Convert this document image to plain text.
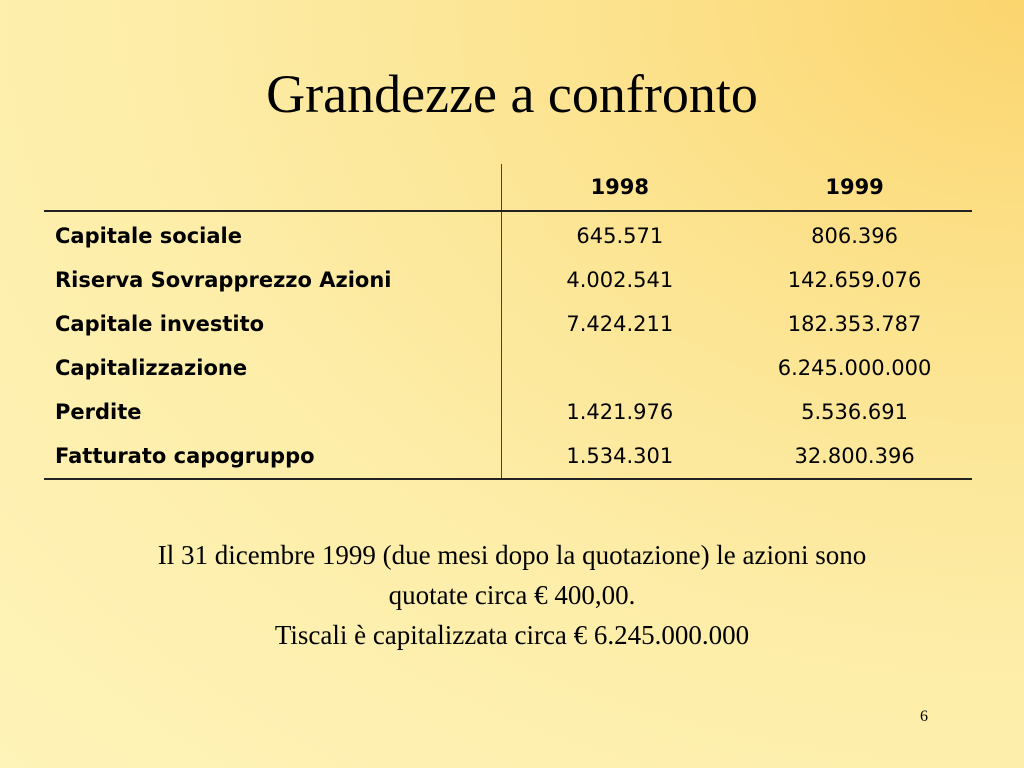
Grandezze a confronto
	1998	1999
Capitale sociale	645.571	806.396
Riserva Sovrapprezzo Azioni	4.002.541	142.659.076
Capitale investito	7.424.211	182.353.787
Capitalizzazione		6.245.000.000
Perdite	1.421.976	5.536.691
Fatturato capogruppo	1.534.301	32.800.396
Il 31 dicembre 1999 (due mesi dopo la quotazione) le azioni sono
quotate circa € 400,00.
Tiscali è capitalizzata circa € 6.245.000.000
6
